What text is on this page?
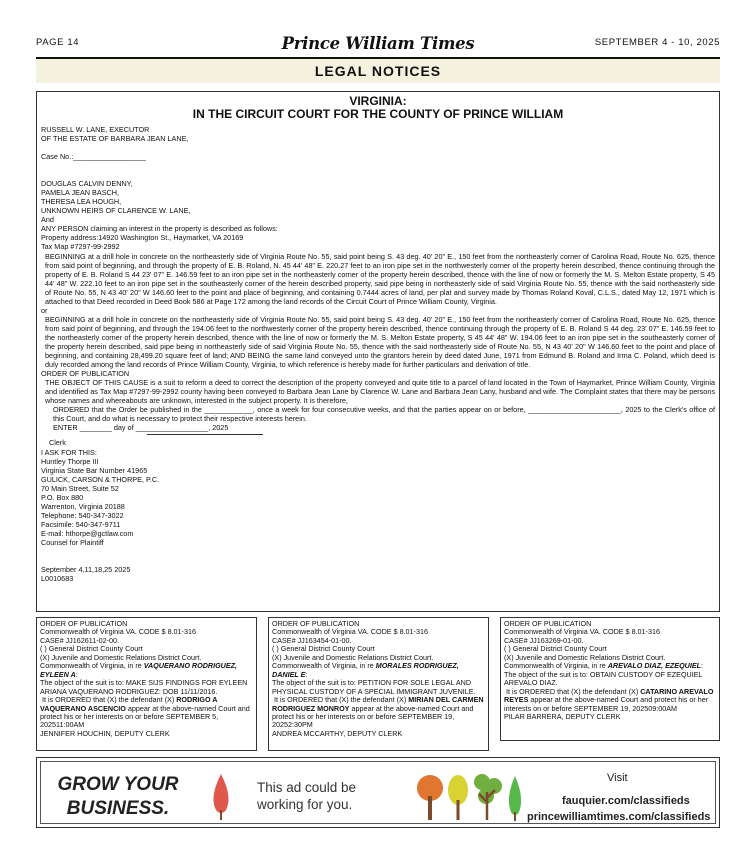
PAGE 14	Prince William Times	SEPTEMBER 4 - 10, 2025
LEGAL NOTICES
VIRGINIA:
IN THE CIRCUIT COURT FOR THE COUNTY OF PRINCE WILLIAM
RUSSELL W. LANE, EXECUTOR
OF THE ESTATE OF BARBARA JEAN LANE,
Case No.:__________________
DOUGLAS CALVIN DENNY,
PAMELA JEAN BASCH,
THERESA LEA HOUGH,
UNKNOWN HEIRS OF CLARENCE W. LANE,
And
ANY PERSON claiming an interest in the property is described as follows:
Property address:14920 Washington St., Haymarket, VA 20169
Tax Map #7297-99-2992
BEGINNING at a drill hole in concrete on the northeasterly side of Virginia Route No. 55, said point being S. 43 deg. 40' 20" E., 150 feet from the northeasterly corner of Carolina Road, Route No. 625, thence from said point of beginning, and through the property of E. B. Roland, N. 45 44' 48" E. 220.27 feet to an iron pipe set in the northwesterly corner of the property herein described, thence continuing through the property of E. B. Roland S 44 23' 07" E. 146.59 feet to an iron pipe set in the northeasterly corner of the property herein described, thence with the line of now or formerly the M. S. Melton Estate property, S 45 44' 48" W. 222.10 feet to an iron pipe set in the southeasterly corner of the herein described property, said pipe being in northeasterly side of said Virginia Route No. 55, thence with the said northeasterly side of Route No. 55, N 43 40' 20" W 146.60 feet to the point and place of beginning, and containing 0.7444 acres of land, per plat and survey made by Thomas Roland Koval, C.L.S., dated May 12, 1971 which is attached to that Deed recorded in Deed Book 586 at Page 172 among the land records of the Circuit Court of Prince William County, Virginia.
or
BEGINNING at a drill hole in concrete on the northeasterly side of Virginia Route No. 55, said point being S. 43 deg. 40' 20" E., 150 feet from the northeasterly corner of Carolina Road, Route No. 625, thence from said point of beginning, and through the 194.06 feet to the northwesterly corner of the property herein described, thence continuing through the property of E. B. Roland S 44 deg. 23' 07" E. 146.59 feet to the northeasterly corner of the property herein described, thence with the line of now or formerly the M. S. Melton Estate property, S 45 44' 48" W. 194.06 feet to an iron pipe set in the southeasterly corner of the property herein described, said pipe being in northeasterly side of said Virginia Route No. 55, thence with the said northeasterly side of Route No. 55, N 43 40' 20" W 146.60 feet to the point and place of beginning, and containing 28,499.20 square feet of land; AND BEING the same land conveyed unto the grantors herein by deed dated June, 1971 from Edmund B. Roland and Irma C. Poland, which deed is duly recorded among the land records of Prince William County, Virginia, to which reference is hereby made for further particulars and derivation of title.
ORDER OF PUBLICATION
THE OBJECT OF THIS CAUSE is a suit to reform a deed to correct the description of the property conveyed and quite title to a parcel of land located in the Town of Haymarket, Prince William County, Virginia and identified as Tax Map #7297-99-2992 county having been conveyed to Barbara Jean Lane by Clarence W. Lane and Barbara Jean Lany, husband and wife. The Complaint states that there may be persons whose names and whereabouts are unknown, interested in the subject property. It is therefore,
ORDERED that the Order be published in the ____________, once a week for four consecutive weeks, and that the parties appear on or before, _______________________, 2025 to the Clerk's office of this Court, and do what is necessary to protect their respective interests herein.
ENTER ________ day of __________________, 2025
Clerk
I ASK FOR THIS:
Huntley Thorpe III
Virginia State Bar Number 41965
GULICK, CARSON & THORPE, P.C.
70 Main Street, Suite 52
P.O. Box 880
Warrenton, Virginia 20188
Telephone: 540-347-3022
Facsimile: 540-347-9711
E-mail: hthorpe@gctlaw.com
Counsel for Plaintiff
September 4,11,18,25 2025
L0010683
ORDER OF PUBLICATION
Commonwealth of Virginia VA. CODE $ 8.01-316
CASE# JJ162611-02-00.
( ) General District County Court
(X) Juvenile and Domestic Relations District Court.
Commonwealth of Virginia, in re VAQUERANO RODRIGUEZ, EYLEEN A:
The object of the suit is to: MAKE SIJS FINDINGS FOR EYLEEN ARIANA VAQUERANO RODRIGUEZ: DOB 11/11/2016.
It is ORDERED that (X) the defendant (X) RODRIGO A VAQUERANO ASCENCIO appear at the above-named Court and protect his or her interests on or before SEPTEMBER 5, 202511:00AM
JENNIFER HOUCHIN, DEPUTY CLERK
ORDER OF PUBLICATION
Commonwealth of Virginia VA. CODE $ 8.01-316
CASE# JJ163454-01-00.
( ) General District County Court
(X) Juvenile and Domestic Relations District Court.
Commonwealth of Virginia, in re MORALES RODRIGUEZ, DANIEL E:
The object of the suit is to: PETITION FOR SOLE LEGAL AND PHYSICAL CUSTODY OF A SPECIAL IMMIGRANT JUVENILE.
It is ORDERED that (X) the defendant (X) MIRIAN DEL CARMEN RODRIGUEZ MONROY appear at the above-named Court and protect his or her interests on or before SEPTEMBER 19, 20252:30PM
ANDREA MCCARTHY, DEPUTY CLERK
ORDER OF PUBLICATION
Commonwealth of Virginia VA. CODE $ 8.01-316
CASE# JJ163269-01-00.
( ) General District County Court
(X) Juvenile and Domestic Relations District Court.
Commonwealth of Virginia, in re AREVALO DIAZ, EZEQUIEL:
The object of the suit is to: OBTAIN CUSTODY OF EZEQUIEL AREVALO DIAZ.
It is ORDERED that (X) the defendant (X) CATARINO AREVALO REYES appear at the above-named Court and protect his or her interests on or before SEPTEMBER 19, 202509:00AM
PILAR BARRERA, DEPUTY CLERK
GROW YOUR
BUSINESS.
This ad could be
working for you.
Visit
fauquier.com/classifieds
princewilliamtimes.com/classifieds
